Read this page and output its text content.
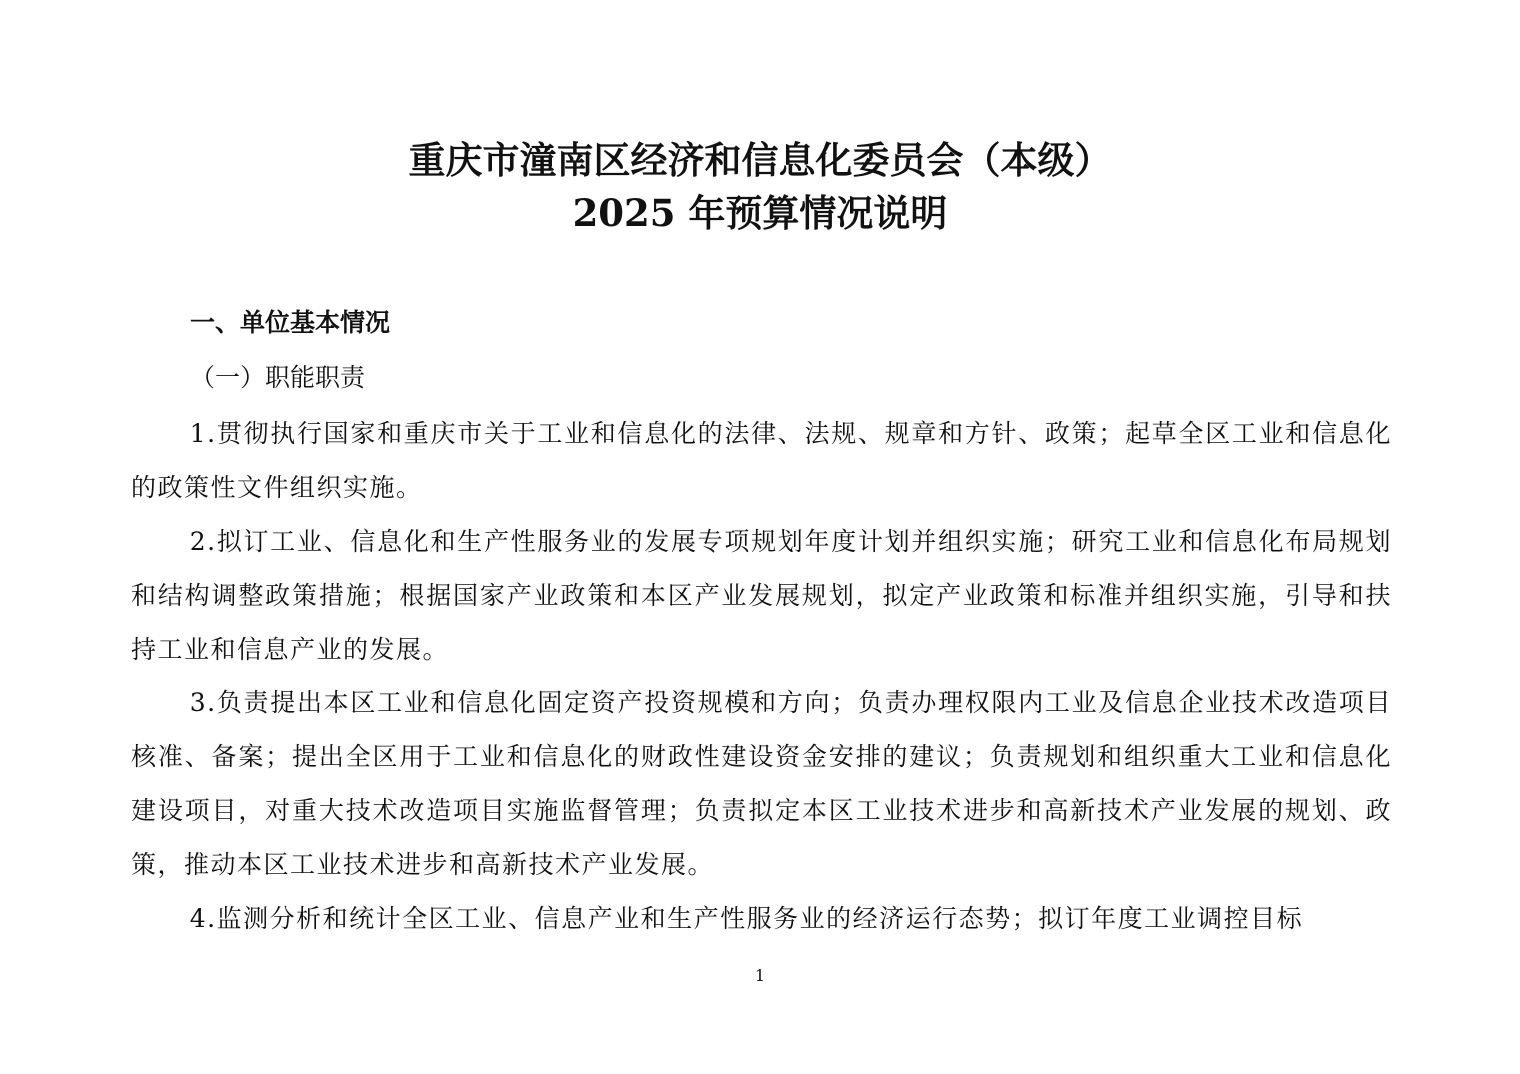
重庆市潼南区经济和信息化委员会（本级）
2025 年预算情况说明
一、单位基本情况
（一）职能职责

1.贯彻执行国家和重庆市关于工业和信息化的法律、法规、规章和方针、政策；起草全区工业和信息化的政策性文件组织实施。

2.拟订工业、信息化和生产性服务业的发展专项规划年度计划并组织实施；研究工业和信息化布局规划和结构调整政策措施；根据国家产业政策和本区产业发展规划，拟定产业政策和标准并组织实施，引导和扶持工业和信息产业的发展。

3.负责提出本区工业和信息化固定资产投资规模和方向；负责办理权限内工业及信息企业技术改造项目核准、备案；提出全区用于工业和信息化的财政性建设资金安排的建议；负责规划和组织重大工业和信息化建设项目，对重大技术改造项目实施监督管理；负责拟定本区工业技术进步和高新技术产业发展的规划、政策，推动本区工业技术进步和高新技术产业发展。

4.监测分析和统计全区工业、信息产业和生产性服务业的经济运行态势；拟订年度工业调控目标

1
